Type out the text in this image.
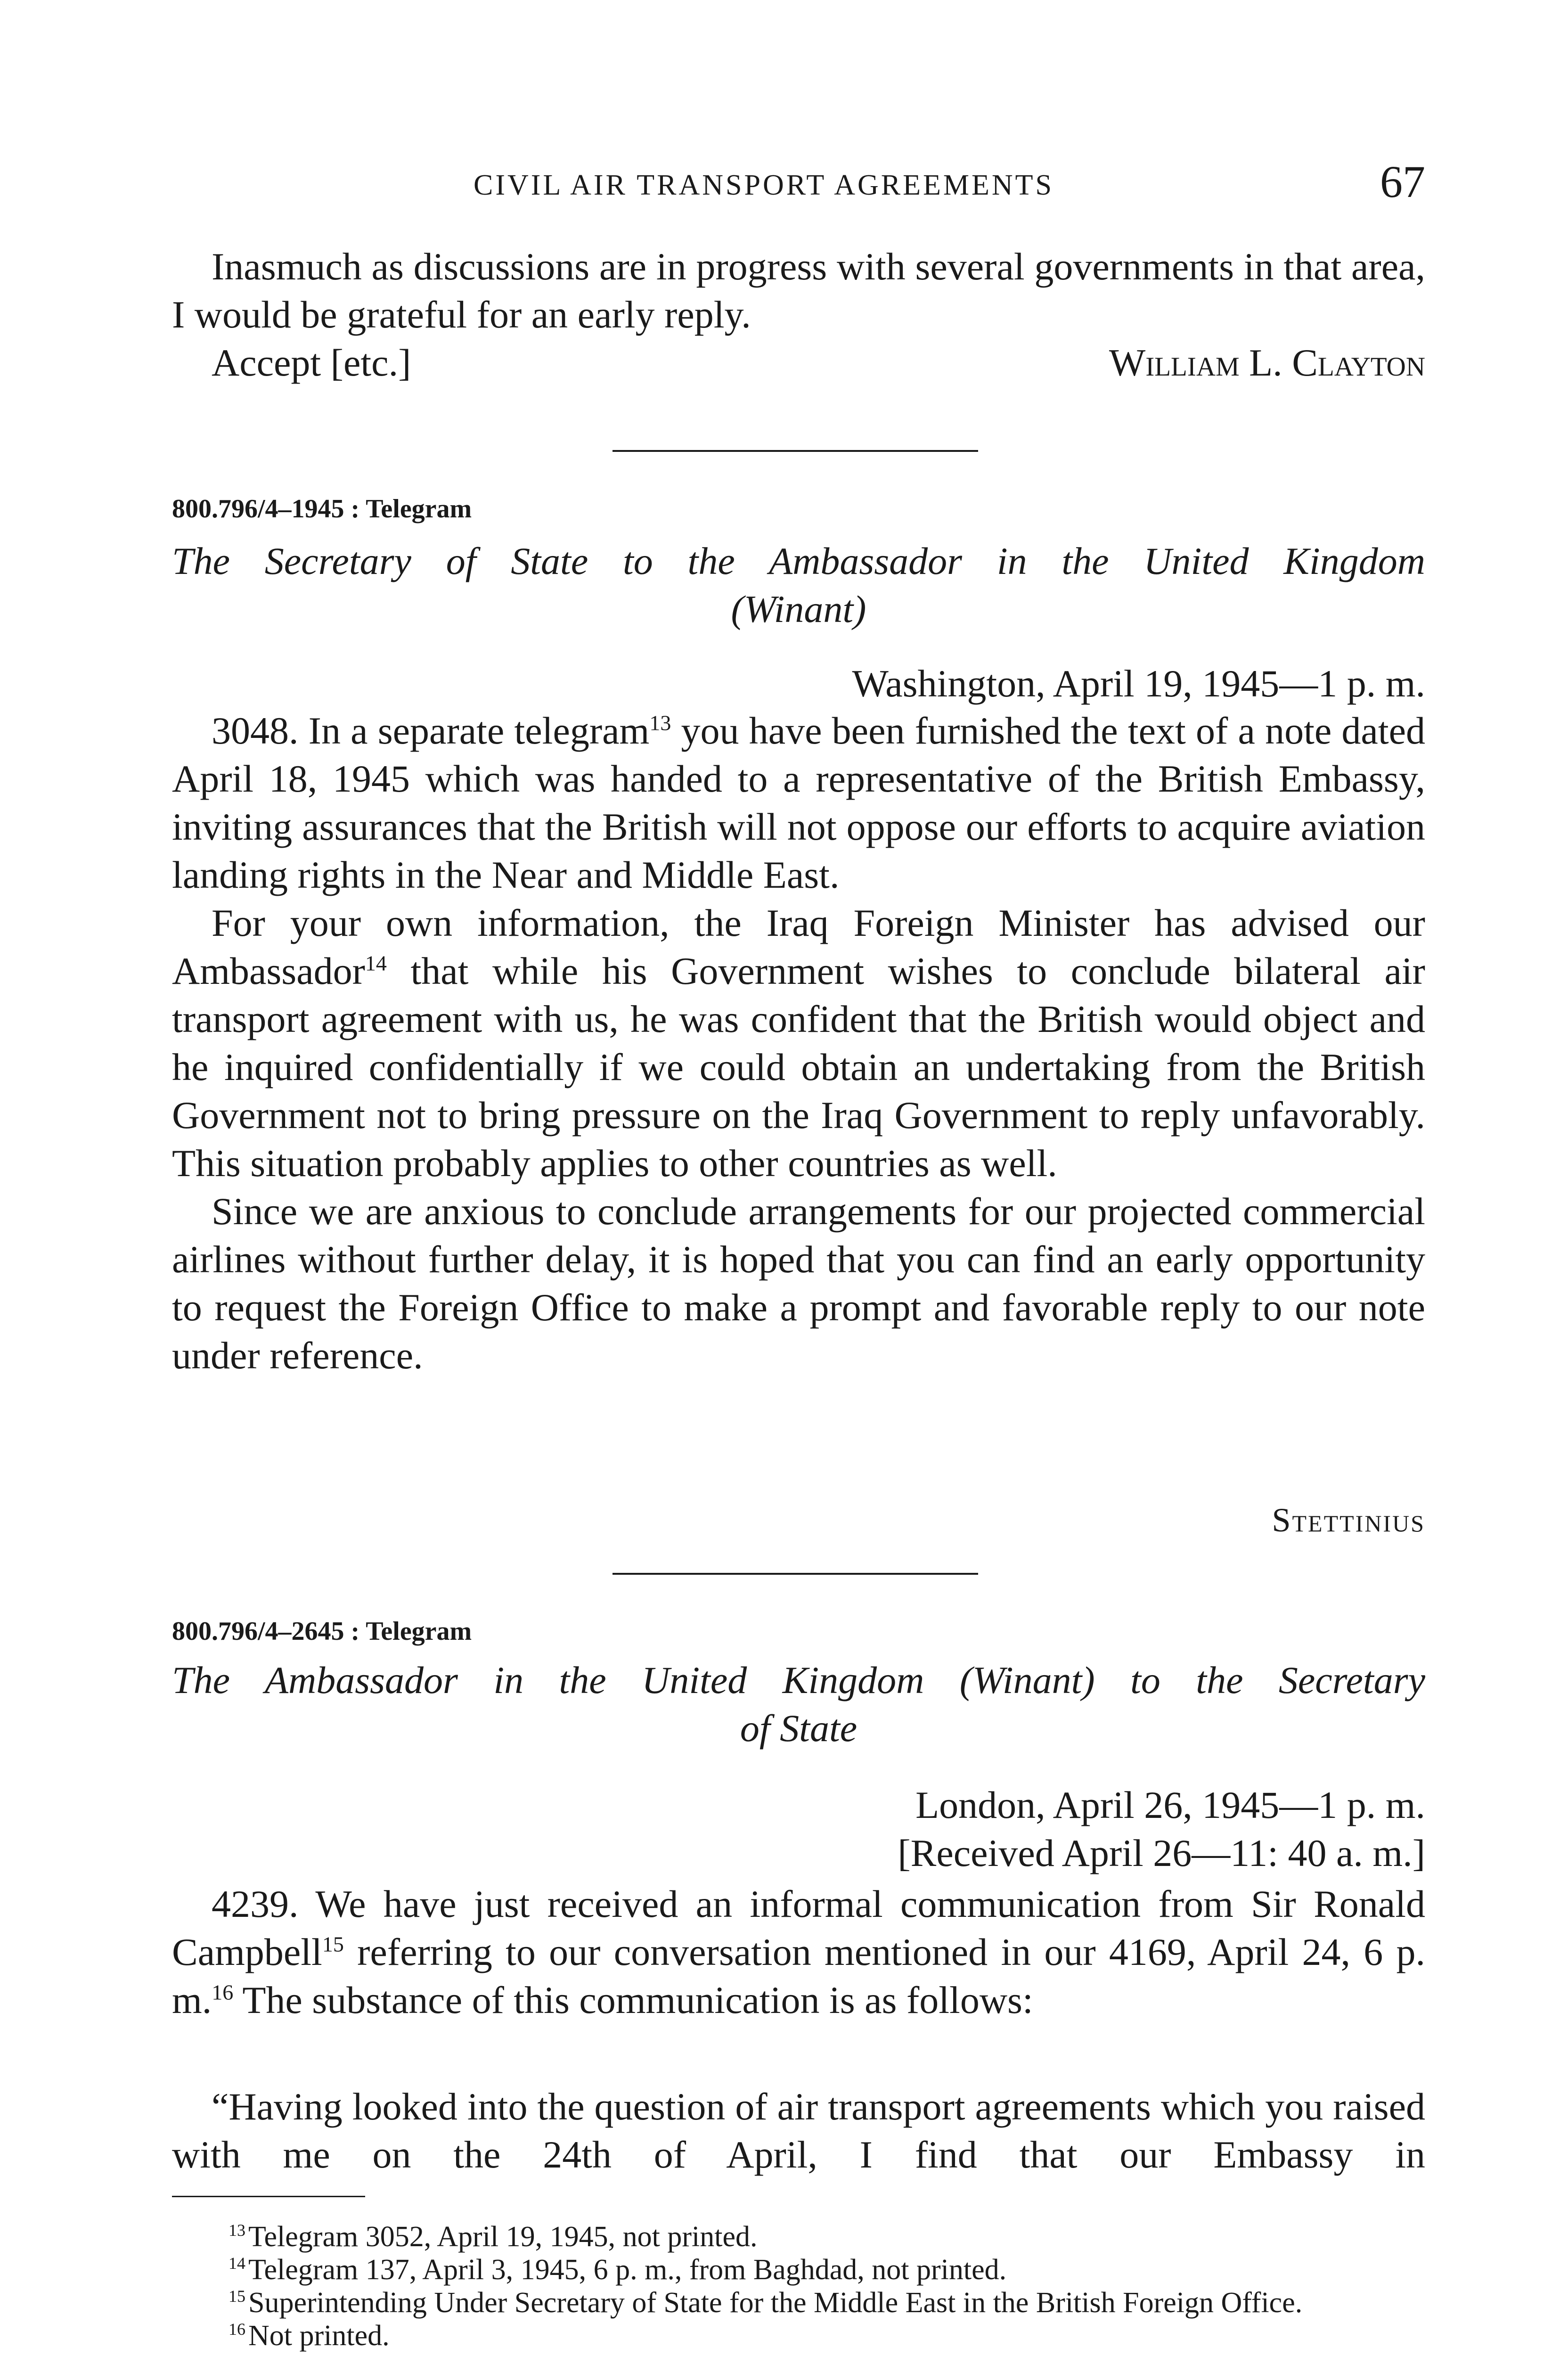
CIVIL AIR TRANSPORT AGREEMENTS	67

Inasmuch as discussions are in progress with several governments in that area, I would be grateful for an early reply.

Accept [etc.]	William L. Clayton
800.796/4–1945 : Telegram
The Secretary of State to the Ambassador in the United Kingdom
(Winant)
Washington, April 19, 1945—1 p. m.

3048. In a separate telegram$^{13}$ you have been furnished the text of a note dated April 18, 1945 which was handed to a representative of the British Embassy, inviting assurances that the British will not oppose our efforts to acquire aviation landing rights in the Near and Middle East.

For your own information, the Iraq Foreign Minister has advised our Ambassador$^{14}$ that while his Government wishes to conclude bilateral air transport agreement with us, he was confident that the British would object and he inquired confidentially if we could obtain an undertaking from the British Government not to bring pressure on the Iraq Government to reply unfavorably. This situation probably applies to other countries as well.

Since we are anxious to conclude arrangements for our projected commercial airlines without further delay, it is hoped that you can find an early opportunity to request the Foreign Office to make a prompt and favorable reply to our note under reference.

Stettinius
800.796/4–2645 : Telegram
The Ambassador in the United Kingdom (Winant) to the Secretary
of State
London, April 26, 1945—1 p. m.
[Received April 26—11: 40 a. m.]

4239. We have just received an informal communication from Sir Ronald Campbell$^{15}$ referring to our conversation mentioned in our 4169, April 24, 6 p. m.$^{16}$ The substance of this communication is as follows:

“Having looked into the question of air transport agreements which you raised with me on the 24th of April, I find that our Embassy in

$^{13}$Telegram 3052, April 19, 1945, not printed.

$^{14}$Telegram 137, April 3, 1945, 6 p. m., from Baghdad, not printed.

$^{15}$Superintending Under Secretary of State for the Middle East in the British Foreign Office.

$^{16}$Not printed.
